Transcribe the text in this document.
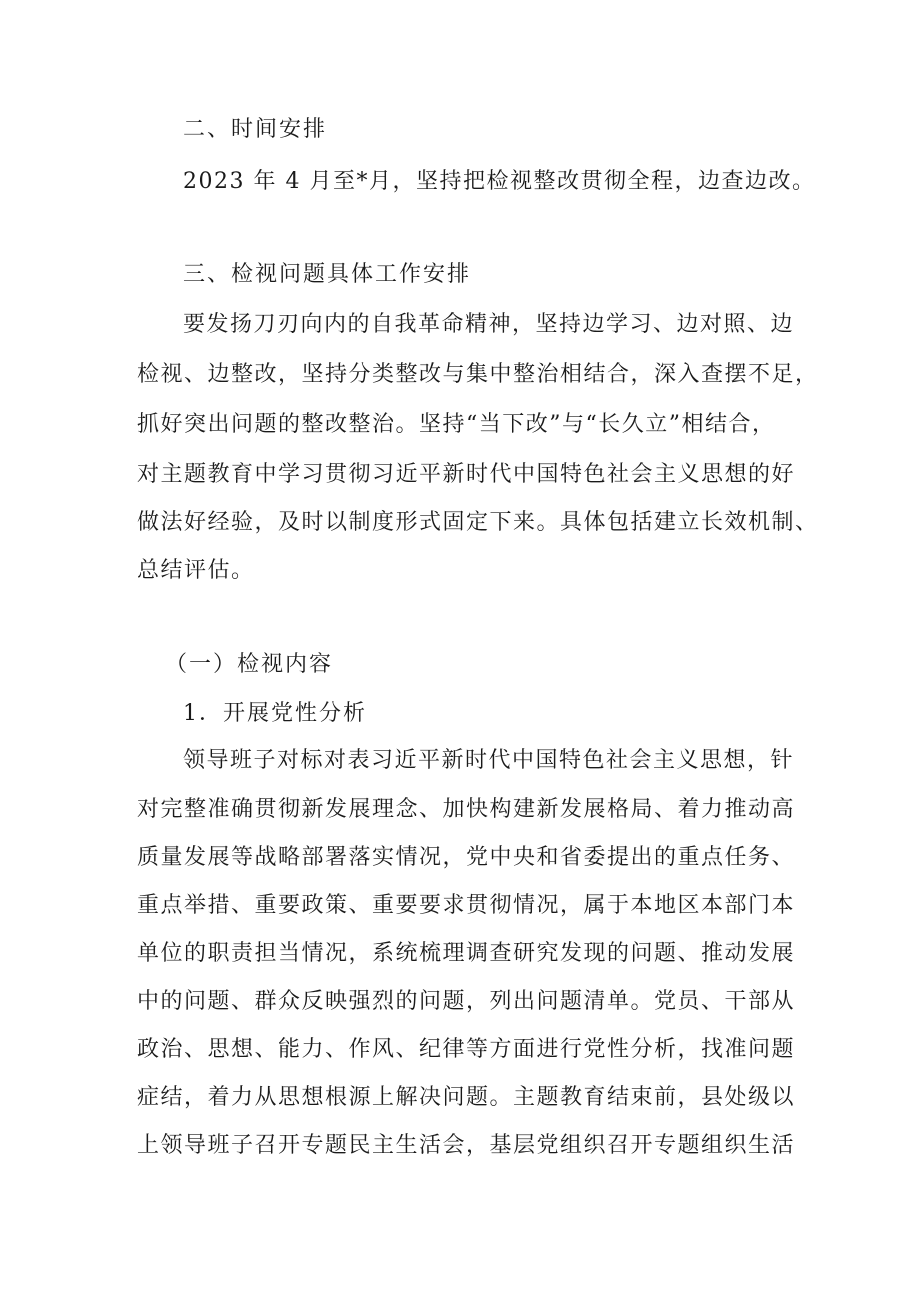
二、时间安排
2023 年 4 月至*月，坚持把检视整改贯彻全程，边查边改。
三、检视问题具体工作安排
要发扬刀刃向内的自我革命精神，坚持边学习、边对照、边
检视、边整改，坚持分类整改与集中整治相结合，深入查摆不足，
抓好突出问题的整改整治。坚持“当下改”与“长久立”相结合，
对主题教育中学习贯彻习近平新时代中国特色社会主义思想的好
做法好经验，及时以制度形式固定下来。具体包括建立长效机制、
总结评估。
（一）检视内容
1．开展党性分析
领导班子对标对表习近平新时代中国特色社会主义思想，针
对完整准确贯彻新发展理念、加快构建新发展格局、着力推动高
质量发展等战略部署落实情况，党中央和省委提出的重点任务、
重点举措、重要政策、重要要求贯彻情况，属于本地区本部门本
单位的职责担当情况，系统梳理调查研究发现的问题、推动发展
中的问题、群众反映强烈的问题，列出问题清单。党员、干部从
政治、思想、能力、作风、纪律等方面进行党性分析，找准问题
症结，着力从思想根源上解决问题。主题教育结束前，县处级以
上领导班子召开专题民主生活会，基层党组织召开专题组织生活
